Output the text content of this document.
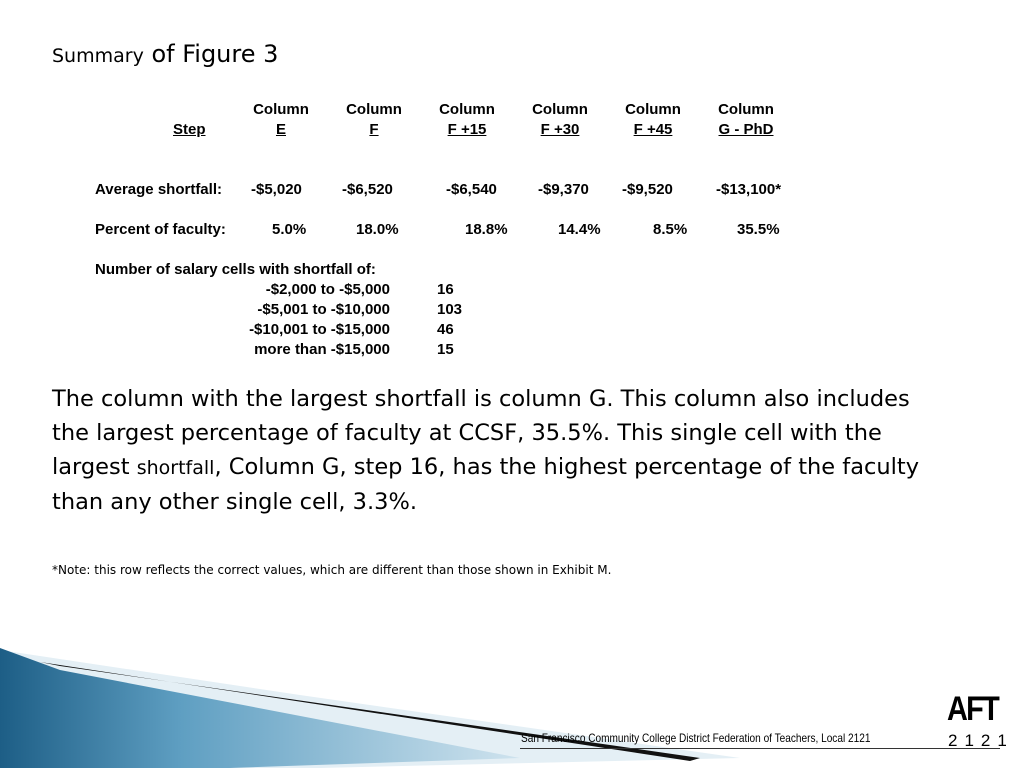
Summary of Figure 3
Column	Column	Column	Column	Column	Column
Step	E	F	F +15	F +30	F +45	G - PhD
Average shortfall: -$5,020	-$6,520	-$6,540	-$9,370 -$9,520	-$13,100*
Percent of faculty:	5.0%	18.0%	18.8%	14.4%	8.5%	35.5%
Number of salary cells with shortfall of:
-$2,000 to -$5,000	16
-$5,001 to -$10,000	103
-$10,001 to -$15,000	46
more than -$15,000	15
The column with the largest shortfall is column G. This column also includes the largest percentage of faculty at CCSF, 35.5%. This single cell with the largest shortfall, Column G, step 16, has the highest percentage of the faculty than any other single cell, 3.3%.
*Note: this row reflects the correct values, which are different than those shown in Exhibit M.
San Francisco Community College District Federation of Teachers, Local 2121
AFT
2121
